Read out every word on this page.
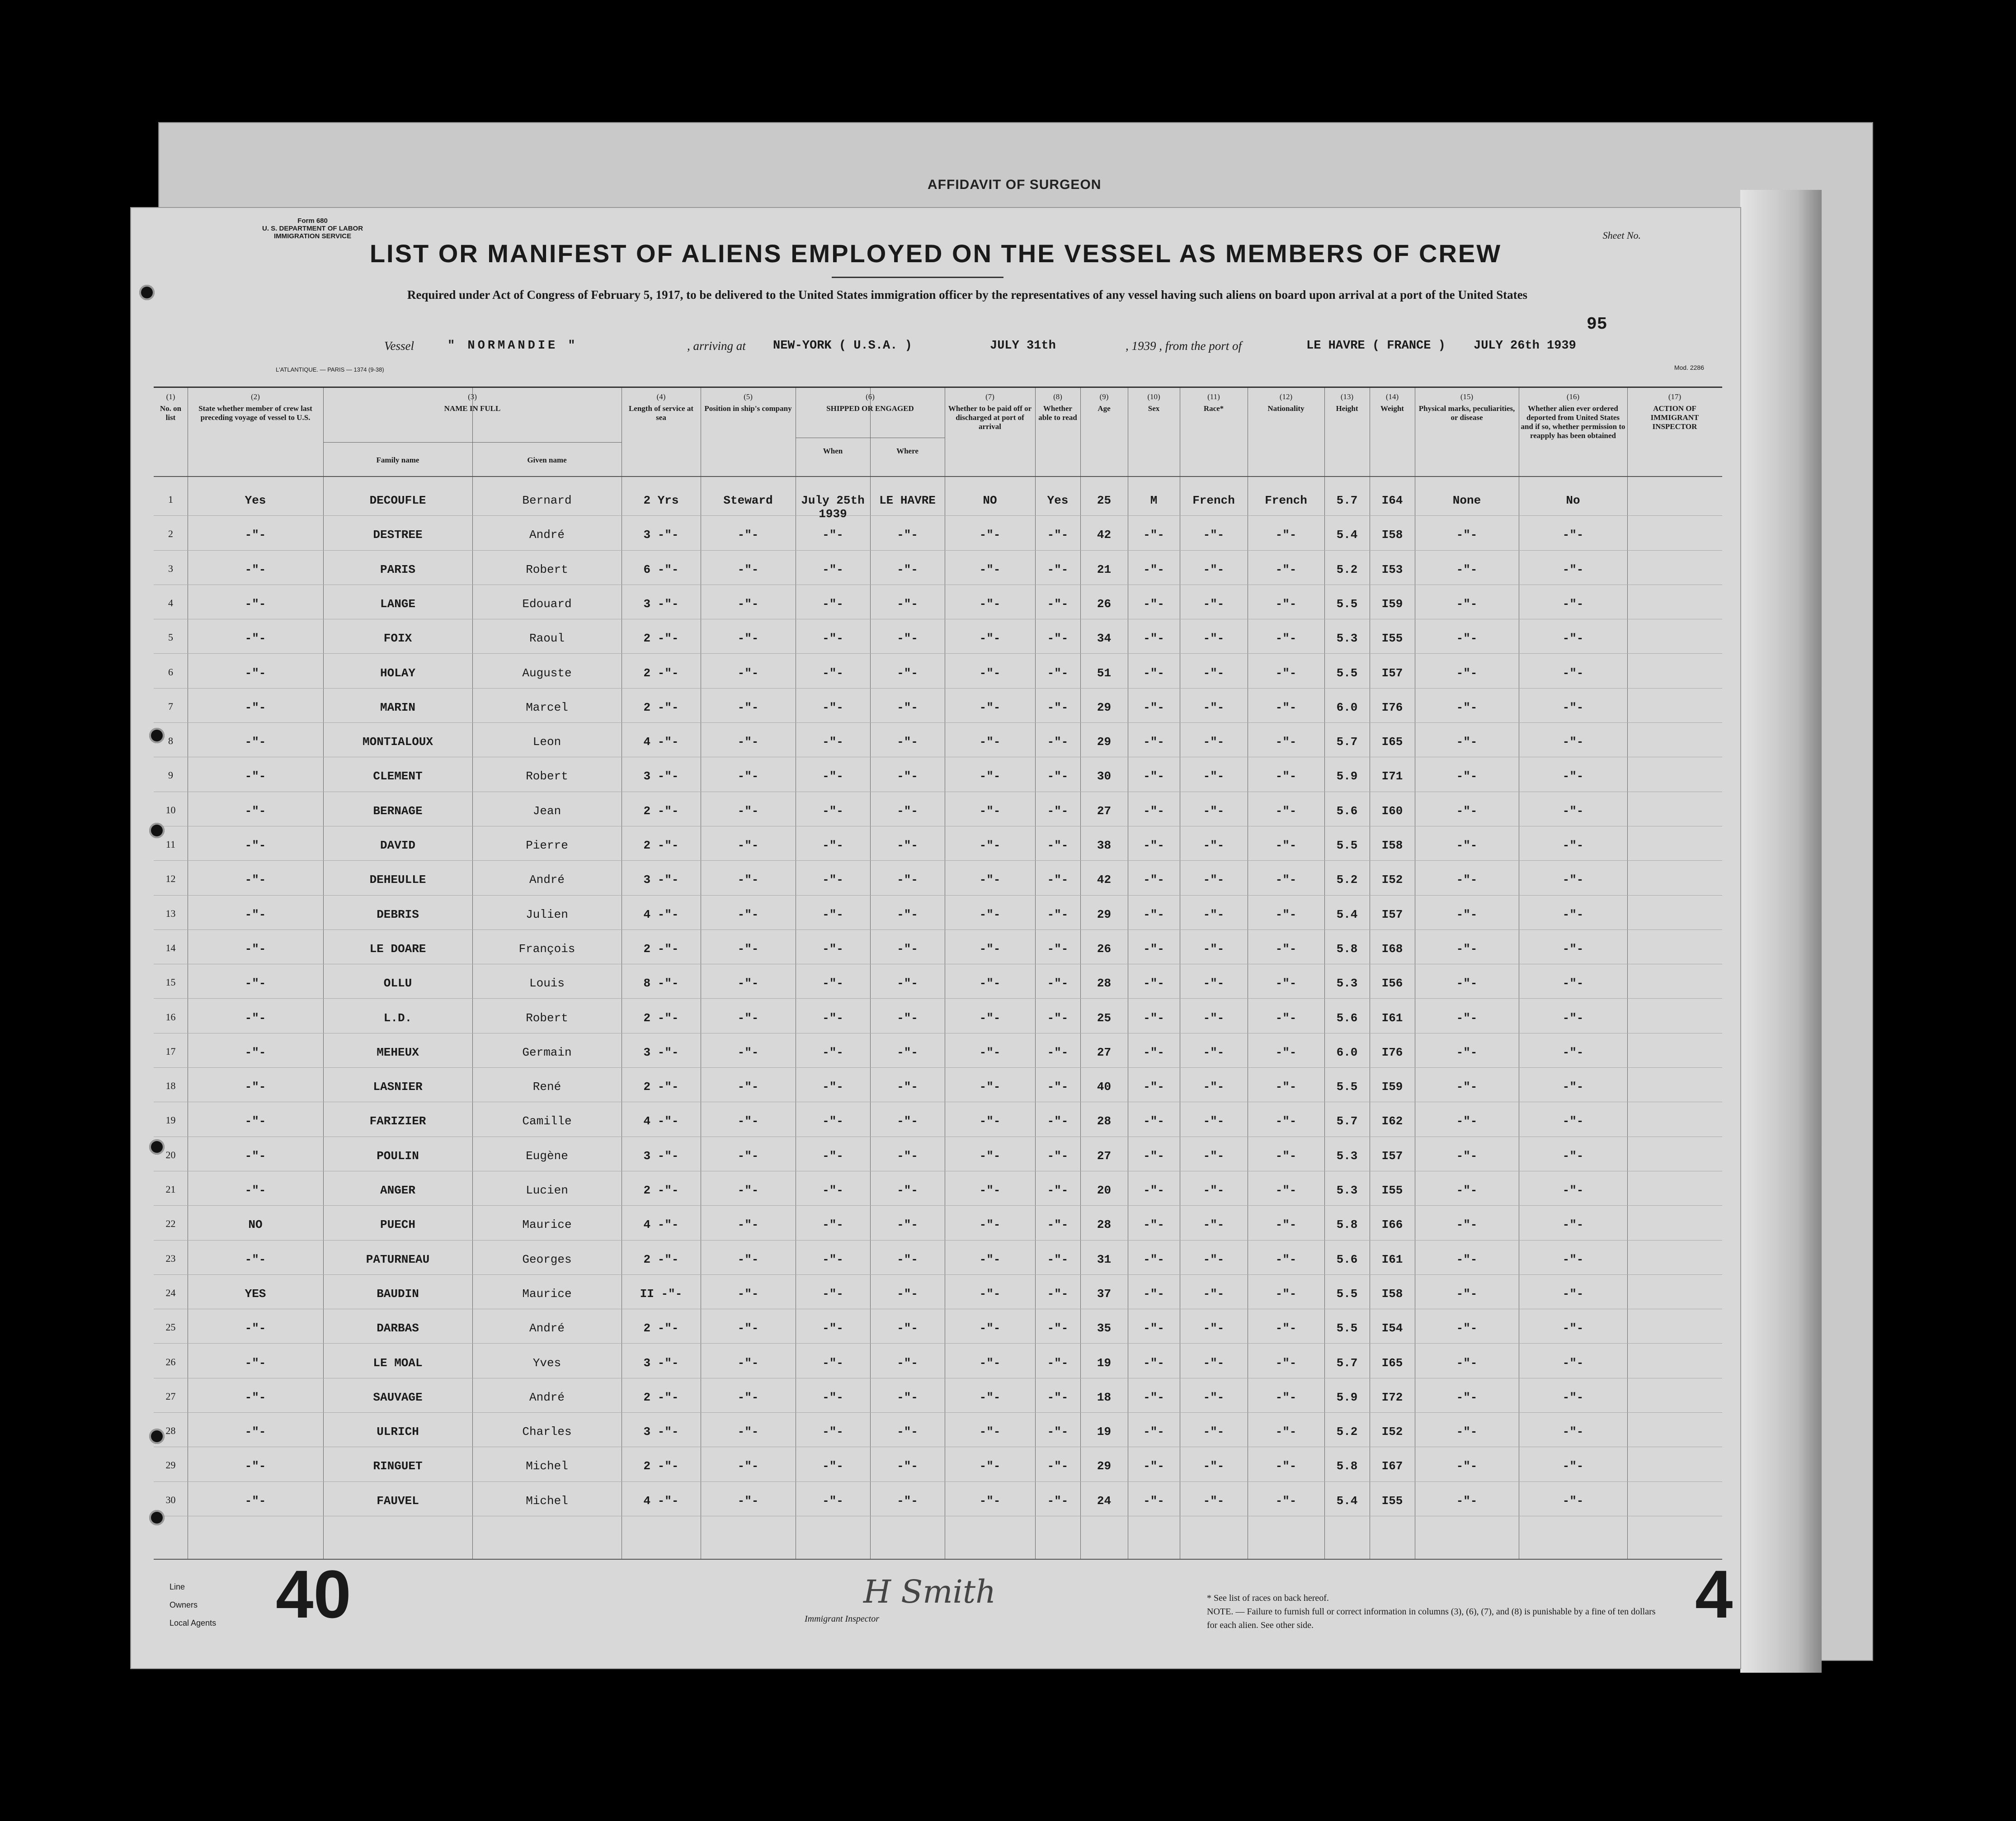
AFFIDAVIT OF SURGEON
Form 680
U. S. DEPARTMENT OF LABOR
IMMIGRATION SERVICE	Sheet No.
LIST OR MANIFEST OF ALIENS EMPLOYED ON THE VESSEL AS MEMBERS OF CREW
Required under Act of Congress of February 5, 1917, to be delivered to the United States immigration officer by the representatives of any vessel having such aliens on board upon arrival at a port of the United States
95
Vessel	" NORMANDIE "	, arriving at NEW-YORK ( U.S.A. )	JULY 31th	, 1939 , from the port of	LE HAVRE ( FRANCE ) JULY 26th 1939
L'ATLANTIQUE. — PARIS — 1374 (9-38)	Mod. 2286
(1)
No. on list
(2)
State whether member of crew last preceding voyage of vessel to U.S.
(3)
NAME IN FULL
Family name	Given name
(4)
Length of service at sea
(5)
Position in ship's company
(6)
SHIPPED OR ENGAGED
When	Where
(7)
Whether to be paid off or discharged at port of arrival
(8)
Whether able to read
(9)
Age
(10)
Sex
(11)
Race*
(12)
Nationality
(13)
Height
(14)
Weight
(15)
Physical marks, peculiarities, or disease
(16)
Whether alien ever ordered deported from United States and if so, whether permission to reapply has been obtained
(17)
ACTION OF IMMIGRANT INSPECTOR
1	Yes	DECOUFLE	Bernard	2 Yrs	Steward	July 25th	LE HAVRE	NO	Yes	25	M	French	French	5.7	I64	None	No
1939
2	-"-	DESTREE	André	3 -"-	-"-	-"-	-"-	-"-	-"-	42	-"-	-"-	-"-	5.4	I58	-"-	-"-
3	-"-	PARIS	Robert	6 -"-	-"-	-"-	-"-	-"-	-"-	21	-"-	-"-	-"-	5.2	I53	-"-	-"-
4	-"-	LANGE	Edouard	3 -"-	-"-	-"-	-"-	-"-	-"-	26	-"-	-"-	-"-	5.5	I59	-"-	-"-
5	-"-	FOIX	Raoul	2 -"-	-"-	-"-	-"-	-"-	-"-	34	-"-	-"-	-"-	5.3	I55	-"-	-"-
6	-"-	HOLAY	Auguste	2 -"-	-"-	-"-	-"-	-"-	-"-	51	-"-	-"-	-"-	5.5	I57	-"-	-"-
7	-"-	MARIN	Marcel	2 -"-	-"-	-"-	-"-	-"-	-"-	29	-"-	-"-	-"-	6.0	I76	-"-	-"-
8	-"-	MONTIALOUX	Leon	4 -"-	-"-	-"-	-"-	-"-	-"-	29	-"-	-"-	-"-	5.7	I65	-"-	-"-
9	-"-	CLEMENT	Robert	3 -"-	-"-	-"-	-"-	-"-	-"-	30	-"-	-"-	-"-	5.9	I71	-"-	-"-
10	-"-	BERNAGE	Jean	2 -"-	-"-	-"-	-"-	-"-	-"-	27	-"-	-"-	-"-	5.6	I60	-"-	-"-
11	-"-	DAVID	Pierre	2 -"-	-"-	-"-	-"-	-"-	-"-	38	-"-	-"-	-"-	5.5	I58	-"-	-"-
12	-"-	DEHEULLE	André	3 -"-	-"-	-"-	-"-	-"-	-"-	42	-"-	-"-	-"-	5.2	I52	-"-	-"-
13	-"-	DEBRIS	Julien	4 -"-	-"-	-"-	-"-	-"-	-"-	29	-"-	-"-	-"-	5.4	I57	-"-	-"-
14	-"-	LE DOARE	François	2 -"-	-"-	-"-	-"-	-"-	-"-	26	-"-	-"-	-"-	5.8	I68	-"-	-"-
15	-"-	OLLU	Louis	8 -"-	-"-	-"-	-"-	-"-	-"-	28	-"-	-"-	-"-	5.3	I56	-"-	-"-
16	-"-	L.D.	Robert	2 -"-	-"-	-"-	-"-	-"-	-"-	25	-"-	-"-	-"-	5.6	I61	-"-	-"-
17	-"-	MEHEUX	Germain	3 -"-	-"-	-"-	-"-	-"-	-"-	27	-"-	-"-	-"-	6.0	I76	-"-	-"-
18	-"-	LASNIER	René	2 -"-	-"-	-"-	-"-	-"-	-"-	40	-"-	-"-	-"-	5.5	I59	-"-	-"-
19	-"-	FARIZIER	Camille	4 -"-	-"-	-"-	-"-	-"-	-"-	28	-"-	-"-	-"-	5.7	I62	-"-	-"-
20	-"-	POULIN	Eugène	3 -"-	-"-	-"-	-"-	-"-	-"-	27	-"-	-"-	-"-	5.3	I57	-"-	-"-
21	-"-	ANGER	Lucien	2 -"-	-"-	-"-	-"-	-"-	-"-	20	-"-	-"-	-"-	5.3	I55	-"-	-"-
22	NO	PUECH	Maurice	4 -"-	-"-	-"-	-"-	-"-	-"-	28	-"-	-"-	-"-	5.8	I66	-"-	-"-
23	-"-	PATURNEAU	Georges	2 -"-	-"-	-"-	-"-	-"-	-"-	31	-"-	-"-	-"-	5.6	I61	-"-	-"-
24	YES	BAUDIN	Maurice	II -"-	-"-	-"-	-"-	-"-	-"-	37	-"-	-"-	-"-	5.5	I58	-"-	-"-
25	-"-	DARBAS	André	2 -"-	-"-	-"-	-"-	-"-	-"-	35	-"-	-"-	-"-	5.5	I54	-"-	-"-
26	-"-	LE MOAL	Yves	3 -"-	-"-	-"-	-"-	-"-	-"-	19	-"-	-"-	-"-	5.7	I65	-"-	-"-
27	-"-	SAUVAGE	André	2 -"-	-"-	-"-	-"-	-"-	-"-	18	-"-	-"-	-"-	5.9	I72	-"-	-"-
28	-"-	ULRICH	Charles	3 -"-	-"-	-"-	-"-	-"-	-"-	19	-"-	-"-	-"-	5.2	I52	-"-	-"-
29	-"-	RINGUET	Michel	2 -"-	-"-	-"-	-"-	-"-	-"-	29	-"-	-"-	-"-	5.8	I67	-"-	-"-
30	-"-	FAUVEL	Michel	4 -"-	-"-	-"-	-"-	-"-	-"-	24	-"-	-"-	-"-	5.4	I55	-"-	-"-
Line
Owners
Local Agents 40	H Smith
Immigrant Inspector
* See list of races on back hereof.
NOTE. — Failure to furnish full or correct information in columns (3), (6), (7), and (8) is punishable by a fine of ten dollars for each alien. See other side.	4
